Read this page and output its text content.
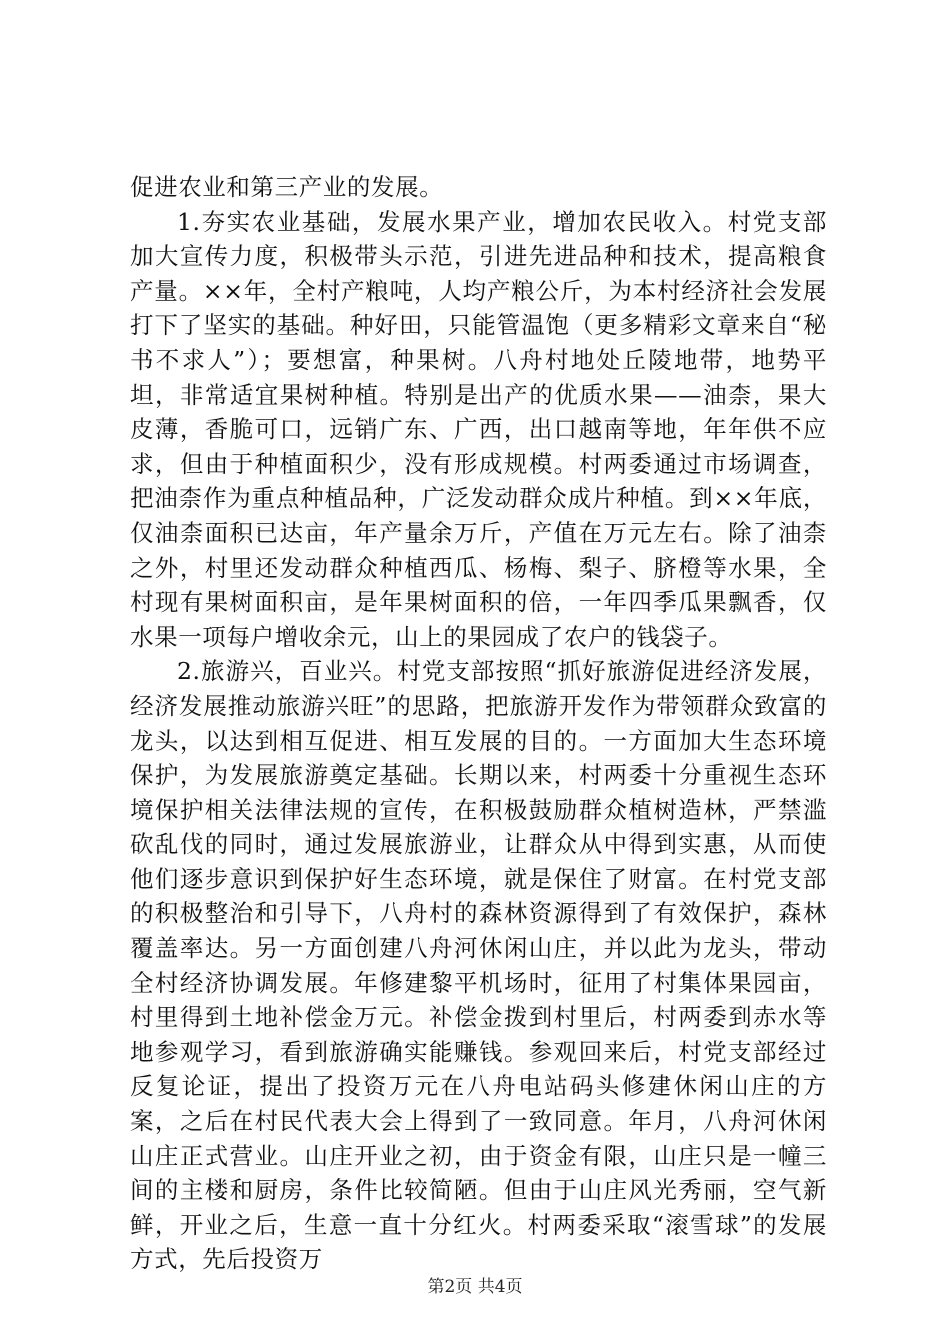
促进农业和第三产业的发展。

1.夯实农业基础，发展水果产业，增加农民收入。村党支部加大宣传力度，积极带头示范，引进先进品种和技术，提高粮食产量。××年，全村产粮吨，人均产粮公斤，为本村经济社会发展打下了坚实的基础。种好田，只能管温饱（更多精彩文章来自“秘书不求人”）；要想富，种果树。八舟村地处丘陵地带，地势平坦，非常适宜果树种植。特别是出产的优质水果——油柰，果大皮薄，香脆可口，远销广东、广西，出口越南等地，年年供不应求，但由于种植面积少，没有形成规模。村两委通过市场调查，把油柰作为重点种植品种，广泛发动群众成片种植。到××年底，仅油柰面积已达亩，年产量余万斤，产值在万元左右。除了油柰之外，村里还发动群众种植西瓜、杨梅、梨子、脐橙等水果，全村现有果树面积亩，是年果树面积的倍，一年四季瓜果飘香，仅水果一项每户增收余元，山上的果园成了农户的钱袋子。

2.旅游兴，百业兴。村党支部按照“抓好旅游促进经济发展，经济发展推动旅游兴旺”的思路，把旅游开发作为带领群众致富的龙头，以达到相互促进、相互发展的目的。一方面加大生态环境保护，为发展旅游奠定基础。长期以来，村两委十分重视生态环境保护相关法律法规的宣传，在积极鼓励群众植树造林，严禁滥砍乱伐的同时，通过发展旅游业，让群众从中得到实惠，从而使他们逐步意识到保护好生态环境，就是保住了财富。在村党支部的积极整治和引导下，八舟村的森林资源得到了有效保护，森林覆盖率达。另一方面创建八舟河休闲山庄，并以此为龙头，带动全村经济协调发展。年修建黎平机场时，征用了村集体果园亩，村里得到土地补偿金万元。补偿金拨到村里后，村两委到赤水等地参观学习，看到旅游确实能赚钱。参观回来后，村党支部经过反复论证，提出了投资万元在八舟电站码头修建休闲山庄的方案，之后在村民代表大会上得到了一致同意。年月，八舟河休闲山庄正式营业。山庄开业之初，由于资金有限，山庄只是一幢三间的主楼和厨房，条件比较简陋。但由于山庄风光秀丽，空气新鲜，开业之后，生意一直十分红火。村两委采取“滚雪球”的发展方式，先后投资万

第2页 共4页
